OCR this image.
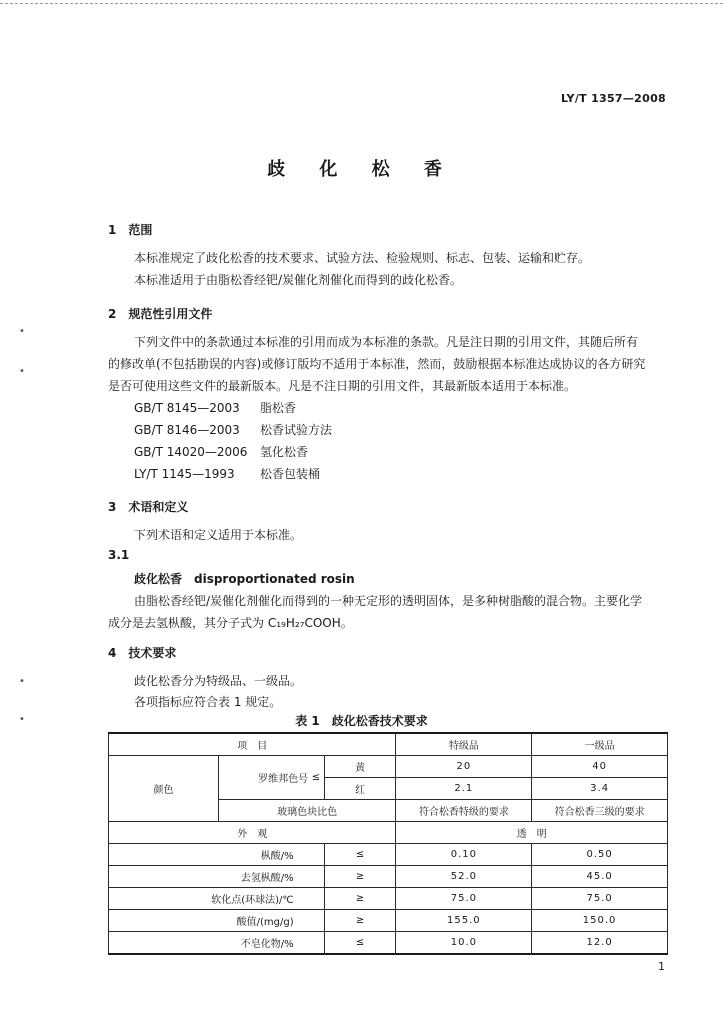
LY/T 1357—2008
歧 化 松 香
1　范围
本标准规定了歧化松香的技术要求、试验方法、检验规则、标志、包装、运输和贮存。
本标准适用于由脂松香经钯/炭催化剂催化而得到的歧化松香。
2　规范性引用文件
下列文件中的条款通过本标准的引用而成为本标准的条款。凡是注日期的引用文件，其随后所有
的修改单(不包括勘误的内容)或修订版均不适用于本标准，然而，鼓励根据本标准达成协议的各方研究
是否可使用这些文件的最新版本。凡是不注日期的引用文件，其最新版本适用于本标准。
GB/T 8145—2003 脂松香
GB/T 8146—2003 松香试验方法
GB/T 14020—2006 氢化松香
LY/T 1145—1993 松香包装桶
3　术语和定义
下列术语和定义适用于本标准。
3.1
歧化松香　disproportionated rosin
由脂松香经钯/炭催化剂催化而得到的一种无定形的透明固体，是多种树脂酸的混合物。主要化学
成分是去氢枞酸，其分子式为 C₁₉H₂₇COOH。
4　技术要求
歧化松香分为特级品、一级品。
各项指标应符合表 1 规定。
•
•
•
•	表 1　歧化松香技术要求
项　目				特级品	一级品
颜色	罗维邦色号	≤	黄	20	40
			红	2.1	3.4
	玻璃色块比色			符合松香特级的要求	符合松香三级的要求
外　观				透　明	
枞酸/%			≤	0.10	0.50
去氢枞酸/%			≥	52.0	45.0
软化点(环球法)/℃			≥	75.0	75.0
酸值/(mg/g)			≥	155.0	150.0
不皂化物/%			≤	10.0	12.0
1
